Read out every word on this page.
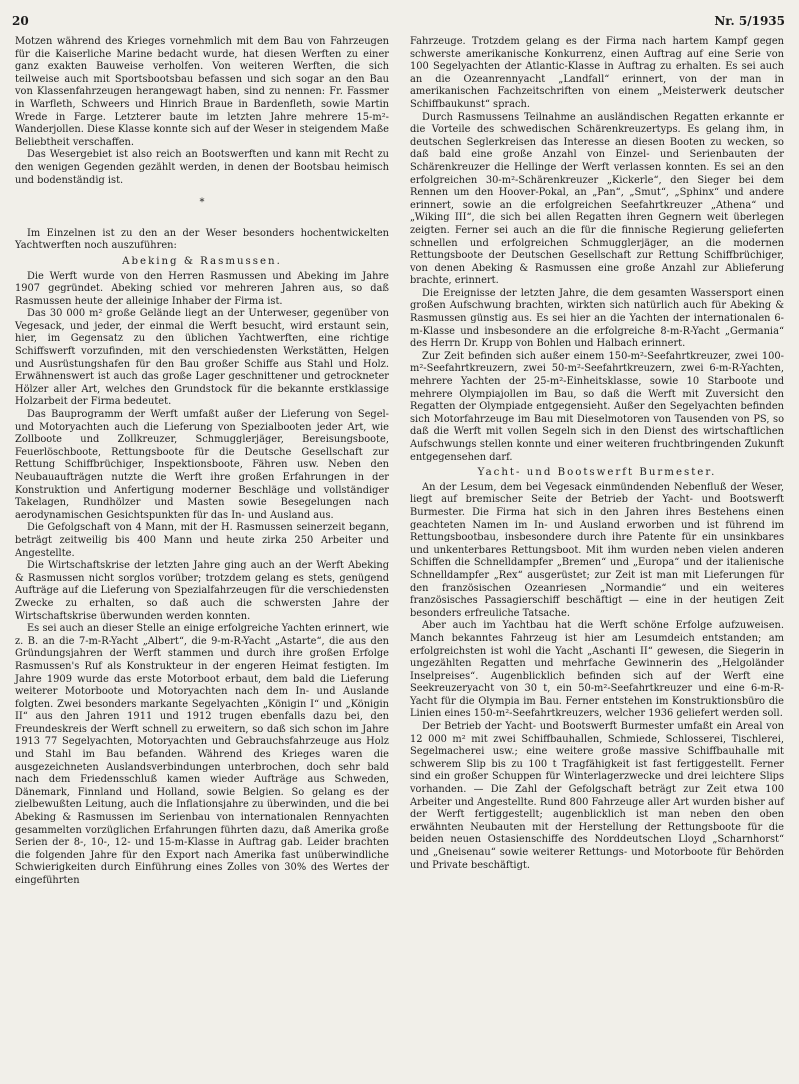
20	Nr. 5/1935

Motzen während des Krieges vornehmlich mit dem Bau von Fahrzeugen für die Kaiserliche Marine bedacht wurde, hat diesen Werften zu einer ganz exakten Bauweise verholfen. Von weiteren Werften, die sich teilweise auch mit Sportsbootsbau befassen und sich sogar an den Bau von Klassenfahrzeugen herangewagt haben, sind zu nennen: Fr. Fassmer in Warfleth, Schweers und Hinrich Braue in Bardenfleth, sowie Martin Wrede in Farge. Letzterer baute im letzten Jahre mehrere 15-m²-Wanderjollen. Diese Klasse konnte sich auf der Weser in steigendem Maße Beliebtheit verschaffen.

Das Wesergebiet ist also reich an Bootswerften und kann mit Recht zu den wenigen Gegenden gezählt werden, in denen der Bootsbau heimisch und bodenständig ist.

*

Im Einzelnen ist zu den an der Weser besonders hochentwickelten Yachtwerften noch auszuführen:

Abeking & Rasmussen.

Die Werft wurde von den Herren Rasmussen und Abeking im Jahre 1907 gegründet. Abeking schied vor mehreren Jahren aus, so daß Rasmussen heute der alleinige Inhaber der Firma ist.

Das 30 000 m² große Gelände liegt an der Unterweser, gegenüber von Vegesack, und jeder, der einmal die Werft besucht, wird erstaunt sein, hier, im Gegensatz zu den üblichen Yachtwerften, eine richtige Schiffswerft vorzufinden, mit den verschiedensten Werkstätten, Helgen und Ausrüstungshafen für den Bau großer Schiffe aus Stahl und Holz. Erwähnenswert ist auch das große Lager geschnittener und getrockneter Hölzer aller Art, welches den Grundstock für die bekannte erstklassige Holzarbeit der Firma bedeutet.

Das Bauprogramm der Werft umfaßt außer der Lieferung von Segel- und Motoryachten auch die Lieferung von Spezialbooten jeder Art, wie Zollboote und Zollkreuzer, Schmugglerjäger, Bereisungsboote, Feuerlöschboote, Rettungsboote für die Deutsche Gesellschaft zur Rettung Schiffbrüchiger, Inspektionsboote, Fähren usw. Neben den Neubauaufträgen nutzte die Werft ihre großen Erfahrungen in der Konstruktion und Anfertigung moderner Beschläge und vollständiger Takelagen, Rundhölzer und Masten sowie Besegelungen nach aerodynamischen Gesichtspunkten für das In- und Ausland aus.

Die Gefolgschaft von 4 Mann, mit der H. Rasmussen seinerzeit begann, beträgt zeitweilig bis 400 Mann und heute zirka 250 Arbeiter und Angestellte.

Die Wirtschaftskrise der letzten Jahre ging auch an der Werft Abeking & Rasmussen nicht sorglos vorüber; trotzdem gelang es stets, genügend Aufträge auf die Lieferung von Spezialfahrzeugen für die verschiedensten Zwecke zu erhalten, so daß auch die schwersten Jahre der Wirtschaftskrise überwunden werden konnten.

Es sei auch an dieser Stelle an einige erfolgreiche Yachten erinnert, wie z. B. an die 7-m-R-Yacht „Albert“, die 9-m-R-Yacht „Astarte“, die aus den Gründungsjahren der Werft stammen und durch ihre großen Erfolge Rasmussen's Ruf als Konstrukteur in der engeren Heimat festigten. Im Jahre 1909 wurde das erste Motorboot erbaut, dem bald die Lieferung weiterer Motorboote und Motoryachten nach dem In- und Auslande folgten. Zwei besonders markante Segelyachten „Königin I“ und „Königin II“ aus den Jahren 1911 und 1912 trugen ebenfalls dazu bei, den Freundeskreis der Werft schnell zu erweitern, so daß sich schon im Jahre 1913 77 Segelyachten, Motoryachten und Gebrauchsfahrzeuge aus Holz und Stahl im Bau befanden. Während des Krieges waren die ausgezeichneten Auslandsverbindungen unterbrochen, doch sehr bald nach dem Friedensschluß kamen wieder Aufträge aus Schweden, Dänemark, Finnland und Holland, sowie Belgien. So gelang es der zielbewußten Leitung, auch die Inflationsjahre zu überwinden, und die bei Abeking & Rasmussen im Serienbau von internationalen Rennyachten gesammelten vorzüglichen Erfahrungen führten dazu, daß Amerika große Serien der 8-, 10-, 12- und 15-m-Klasse in Auftrag gab. Leider brachten die folgenden Jahre für den Export nach Amerika fast unüberwindliche Schwierigkeiten durch Einführung eines Zolles von 30% des Wertes der eingeführten

Fahrzeuge. Trotzdem gelang es der Firma nach hartem Kampf gegen schwerste amerikanische Konkurrenz, einen Auftrag auf eine Serie von 100 Segelyachten der Atlantic-Klasse in Auftrag zu erhalten. Es sei auch an die Ozeanrennyacht „Landfall“ erinnert, von der man in amerikanischen Fachzeitschriften von einem „Meisterwerk deutscher Schiffbaukunst“ sprach.

Durch Rasmussens Teilnahme an ausländischen Regatten erkannte er die Vorteile des schwedischen Schärenkreuzertyps. Es gelang ihm, in deutschen Seglerkreisen das Interesse an diesen Booten zu wecken, so daß bald eine große Anzahl von Einzel- und Serienbauten der Schärenkreuzer die Hellinge der Werft verlassen konnten. Es sei an den erfolgreichen 30-m²-Schärenkreuzer „Kickerle“, den Sieger bei dem Rennen um den Hoover-Pokal, an „Pan“, „Smut“, „Sphinx“ und andere erinnert, sowie an die erfolgreichen Seefahrtkreuzer „Athena“ und „Wiking III“, die sich bei allen Regatten ihren Gegnern weit überlegen zeigten. Ferner sei auch an die für die finnische Regierung gelieferten schnellen und erfolgreichen Schmugglerjäger, an die modernen Rettungsboote der Deutschen Gesellschaft zur Rettung Schiffbrüchiger, von denen Abeking & Rasmussen eine große Anzahl zur Ablieferung brachte, erinnert.

Die Ereignisse der letzten Jahre, die dem gesamten Wassersport einen großen Aufschwung brachten, wirkten sich natürlich auch für Abeking & Rasmussen günstig aus. Es sei hier an die Yachten der internationalen 6-m-Klasse und insbesondere an die erfolgreiche 8-m-R-Yacht „Germania“ des Herrn Dr. Krupp von Bohlen und Halbach erinnert.

Zur Zeit befinden sich außer einem 150-m²-Seefahrtkreuzer, zwei 100-m²-Seefahrtkreuzern, zwei 50-m²-Seefahrtkreuzern, zwei 6-m-R-Yachten, mehrere Yachten der 25-m²-Einheitsklasse, sowie 10 Starboote und mehrere Olympiajollen im Bau, so daß die Werft mit Zuversicht den Regatten der Olympiade entgegensieht. Außer den Segelyachten befinden sich Motorfahrzeuge im Bau mit Dieselmotoren von Tausenden von PS, so daß die Werft mit vollen Segeln sich in den Dienst des wirtschaftlichen Aufschwungs stellen konnte und einer weiteren fruchtbringenden Zukunft entgegensehen darf.

Yacht- und Bootswerft Burmester.

An der Lesum, dem bei Vegesack einmündenden Nebenfluß der Weser, liegt auf bremischer Seite der Betrieb der Yacht- und Bootswerft Burmester. Die Firma hat sich in den Jahren ihres Bestehens einen geachteten Namen im In- und Ausland erworben und ist führend im Rettungsbootbau, insbesondere durch ihre Patente für ein unsinkbares und unkenterbares Rettungsboot. Mit ihm wurden neben vielen anderen Schiffen die Schnelldampfer „Bremen“ und „Europa“ und der italienische Schnelldampfer „Rex“ ausgerüstet; zur Zeit ist man mit Lieferungen für den französischen Ozeanriesen „Normandie“ und ein weiteres französisches Passagierschiff beschäftigt — eine in der heutigen Zeit besonders erfreuliche Tatsache.

Aber auch im Yachtbau hat die Werft schöne Erfolge aufzuweisen. Manch bekanntes Fahrzeug ist hier am Lesumdeich entstanden; am erfolgreichsten ist wohl die Yacht „Aschanti II“ gewesen, die Siegerin in ungezählten Regatten und mehrfache Gewinnerin des „Helgoländer Inselpreises“. Augenblicklich befinden sich auf der Werft eine Seekreuzeryacht von 30 t, ein 50-m²-Seefahrtkreuzer und eine 6-m-R-Yacht für die Olympia im Bau. Ferner entstehen im Konstruktionsbüro die Linien eines 150-m²-Seefahrtkreuzers, welcher 1936 geliefert werden soll.

Der Betrieb der Yacht- und Bootswerft Burmester umfaßt ein Areal von 12 000 m² mit zwei Schiffbauhallen, Schmiede, Schlosserei, Tischlerei, Segelmacherei usw.; eine weitere große massive Schiffbauhalle mit schwerem Slip bis zu 100 t Tragfähigkeit ist fast fertiggestellt. Ferner sind ein großer Schuppen für Winterlagerzwecke und drei leichtere Slips vorhanden. — Die Zahl der Gefolgschaft beträgt zur Zeit etwa 100 Arbeiter und Angestellte. Rund 800 Fahrzeuge aller Art wurden bisher auf der Werft fertiggestellt; augenblicklich ist man neben den oben erwähnten Neubauten mit der Herstellung der Rettungsboote für die beiden neuen Ostasienschiffe des Norddeutschen Lloyd „Scharnhorst“ und „Gneisenau“ sowie weiterer Rettungs- und Motorboote für Behörden und Private beschäftigt.
